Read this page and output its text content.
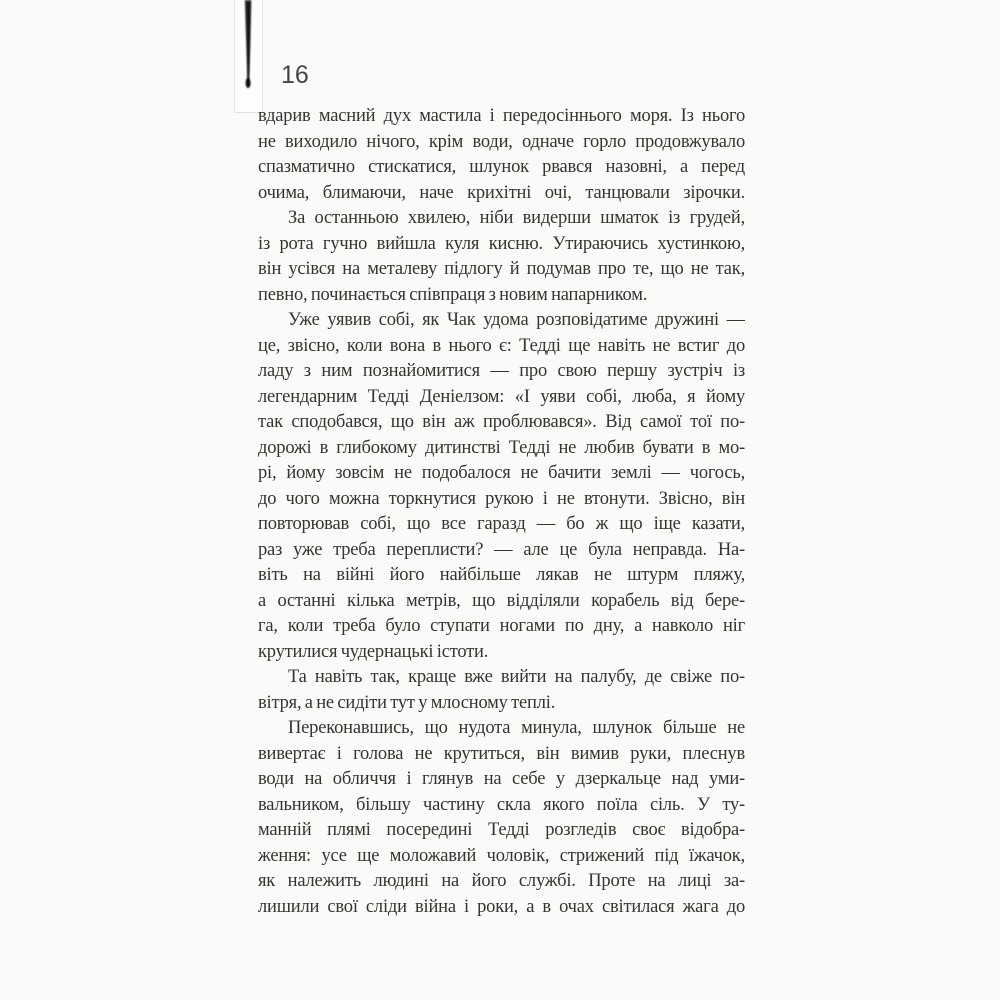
16
вдарив масний дух мастила і передосіннього моря. Із нього
не виходило нічого, крім води, одначе горло продовжувало
спазматично стискатися, шлунок рвався назовні, а перед
очима, блимаючи, наче крихітні очі, танцювали зірочки.
За останньою хвилею, ніби видерши шматок із грудей,
із рота гучно вийшла куля кисню. Утираючись хустинкою,
він усівся на металеву підлогу й подумав про те, що не так,
певно, починається співпраця з новим напарником.
Уже уявив собі, як Чак удома розповідатиме дружині —
це, звісно, коли вона в нього є: Тедді ще навіть не встиг до
ладу з ним познайомитися — про свою першу зустріч із
легендарним Тедді Деніелзом: «І уяви собі, люба, я йому
так сподобався, що він аж проблювався». Від самої тої по-
дорожі в глибокому дитинстві Тедді не любив бувати в мо-
рі, йому зовсім не подобалося не бачити землі — чогось,
до чого можна торкнутися рукою і не втонути. Звісно, він
повторював собі, що все гаразд — бо ж що іще казати,
раз уже треба переплисти? — але це була неправда. На-
віть на війні його найбільше лякав не штурм пляжу,
а останні кілька метрів, що відділяли корабель від бере-
га, коли треба було ступати ногами по дну, а навколо ніг
крутилися чудернацькі істоти.
Та навіть так, краще вже вийти на палубу, де свіже по-
вітря, а не сидіти тут у млосному теплі.
Переконавшись, що нудота минула, шлунок більше не
вивертає і голова не крутиться, він вимив руки, плеснув
води на обличчя і глянув на себе у дзеркальце над уми-
вальником, більшу частину скла якого поїла сіль. У ту-
манній плямі посередині Тедді розгледів своє відобра-
ження: усе ще моложавий чоловік, стрижений під їжачок,
як належить людині на його службі. Проте на лиці за-
лишили свої сліди війна і роки, а в очах світилася жага до
